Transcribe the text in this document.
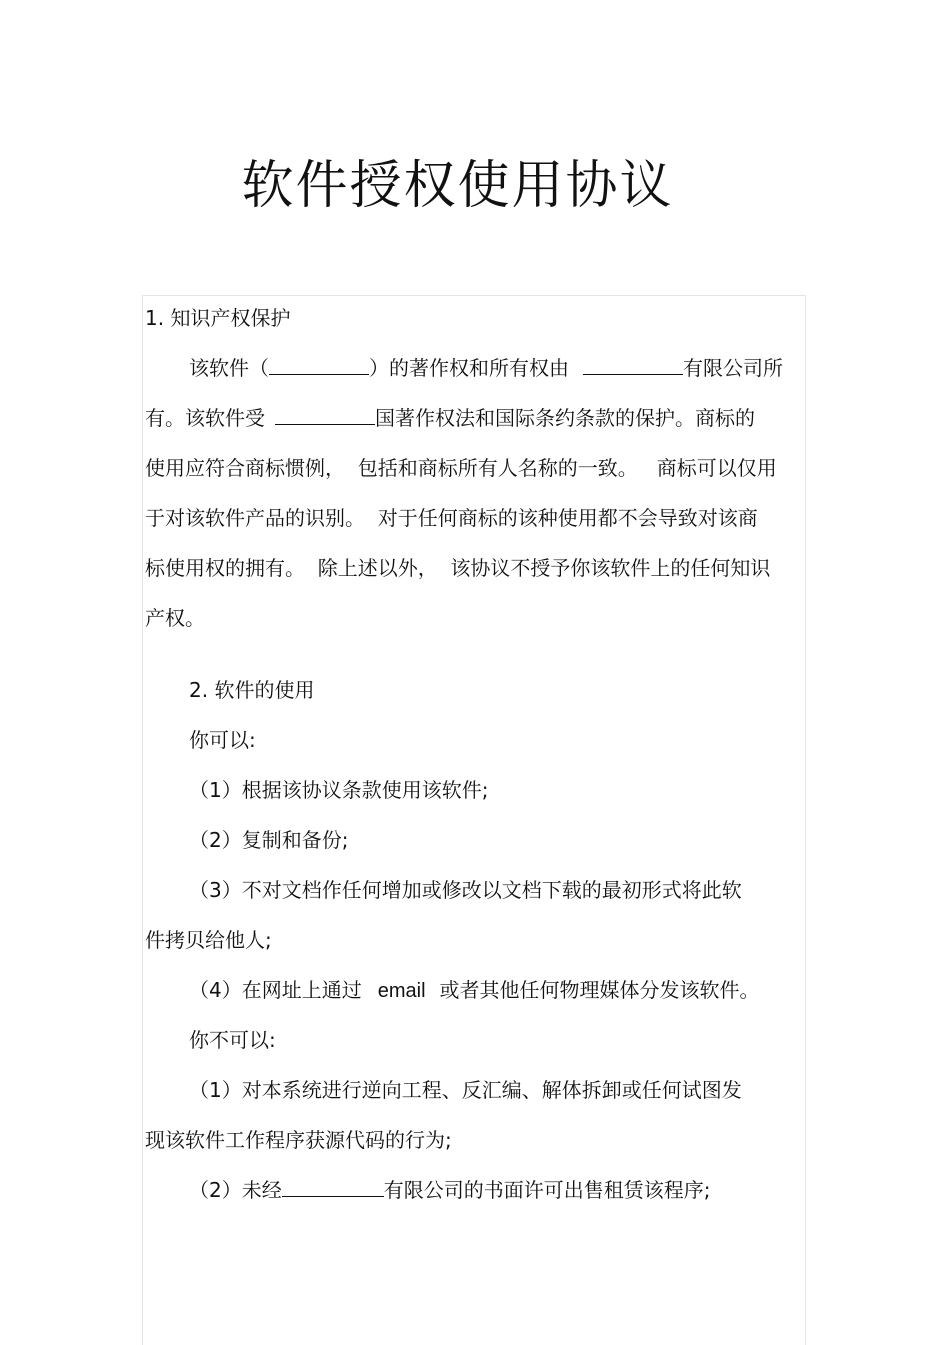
软件授权使用协议

1. 知识产权保护

该软件（	）的著作权和所有权由	有限公司所

有。该软件受	国著作权法和国际条约条款的保护。商标的

使用应符合商标惯例，  包括和商标所有人名称的一致。   商标可以仅用

于对该软件产品的识别。  对于任何商标的该种使用都不会导致对该商

标使用权的拥有。  除上述以外，  该协议不授予你该软件上的任何知识

产权。

2. 软件的使用

你可以:

（1）根据该协议条款使用该软件;

（2）复制和备份;

（3）不对文档作任何增加或修改以文档下载的最初形式将此软

件拷贝给他人;

（4）在网址上通过 email 或者其他任何物理媒体分发该软件。

你不可以:

（1）对本系统进行逆向工程、反汇编、解体拆卸或任何试图发

现该软件工作程序获源代码的行为;

（2）未经	有限公司的书面许可出售租赁该程序;
